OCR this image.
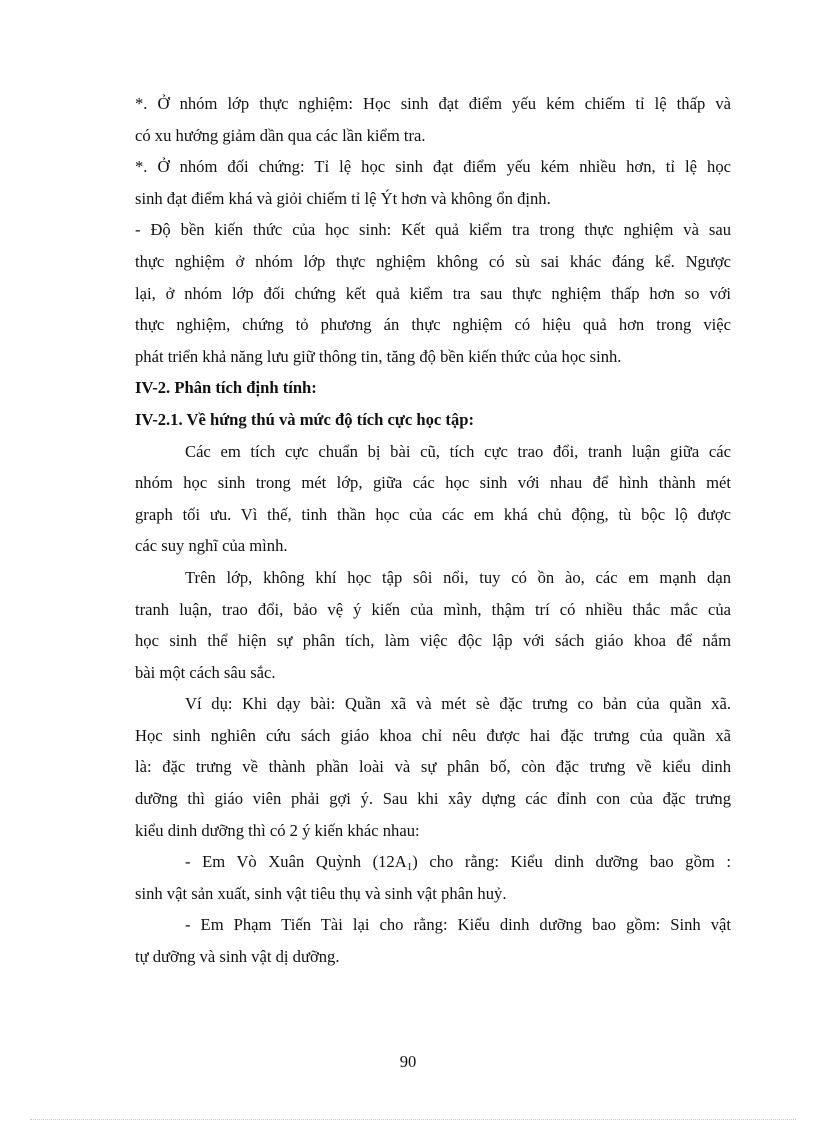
*. Ở nhóm lớp thực nghiệm: Học sinh đạt điểm yếu kém chiếm tỉ lệ thấp và
có xu hướng giảm dần qua các lần kiểm tra.
*. Ở nhóm đối chứng: Tỉ lệ học sinh đạt điểm yếu kém nhiều hơn, tỉ lệ học
sinh đạt điểm khá và giỏi chiếm tỉ lệ Ýt hơn và không ổn định.
- Độ bền kiến thức của học sinh: Kết quả kiểm tra trong thực nghiệm và sau
thực nghiệm ở nhóm lớp thực nghiệm không có sù sai khác đáng kể. Ngược
lại, ở nhóm lớp đối chứng kết quả kiểm tra sau thực nghiệm thấp hơn so với
thực nghiệm, chứng tỏ phương án thực nghiệm có hiệu quả hơn trong việc
phát triển khả năng lưu giữ thông tin, tăng độ bền kiến thức của học sinh.
IV-2. Phân tích định tính:
IV-2.1. Về hứng thú và mức độ tích cực học tập:
Các em tích cực chuẩn bị bài cũ, tích cực trao đổi, tranh luận giữa các
nhóm học sinh trong mét lớp, giữa các học sinh với nhau để hình thành mét
graph tối ưu. Vì thế, tinh thần học của các em khá chủ động, tù bộc lộ được
các suy nghĩ của mình.
Trên lớp, không khí học tập sôi nổi, tuy có ồn ào, các em mạnh dạn
tranh luận, trao đổi, bảo vệ ý kiến của mình, thậm trí có nhiều thắc mắc của
học sinh thể hiện sự phân tích, làm việc độc lập với sách giáo khoa để nắm
bài một cách sâu sắc.
Ví dụ: Khi dạy bài: Quần xã và mét sè đặc trưng co bản của quần xã.
Học sinh nghiên cứu sách giáo khoa chỉ nêu được hai đặc trưng của quần xã
là: đặc trưng về thành phần loài và sự phân bố, còn đặc trưng về kiểu dinh
dưỡng thì giáo viên phải gợi ý. Sau khi xây dựng các đỉnh con của đặc trưng
kiểu dinh dưỡng thì có 2 ý kiến khác nhau:
- Em Vò Xuân Quỳnh $(12A_1)$ cho rằng: Kiểu dinh dưỡng bao gồm :
sinh vật sản xuất, sinh vật tiêu thụ và sinh vật phân huỷ.
- Em Phạm Tiến Tài lại cho rằng: Kiểu dinh dưỡng bao gồm: Sinh vật
tự dưỡng và sinh vật dị dưỡng.
90
